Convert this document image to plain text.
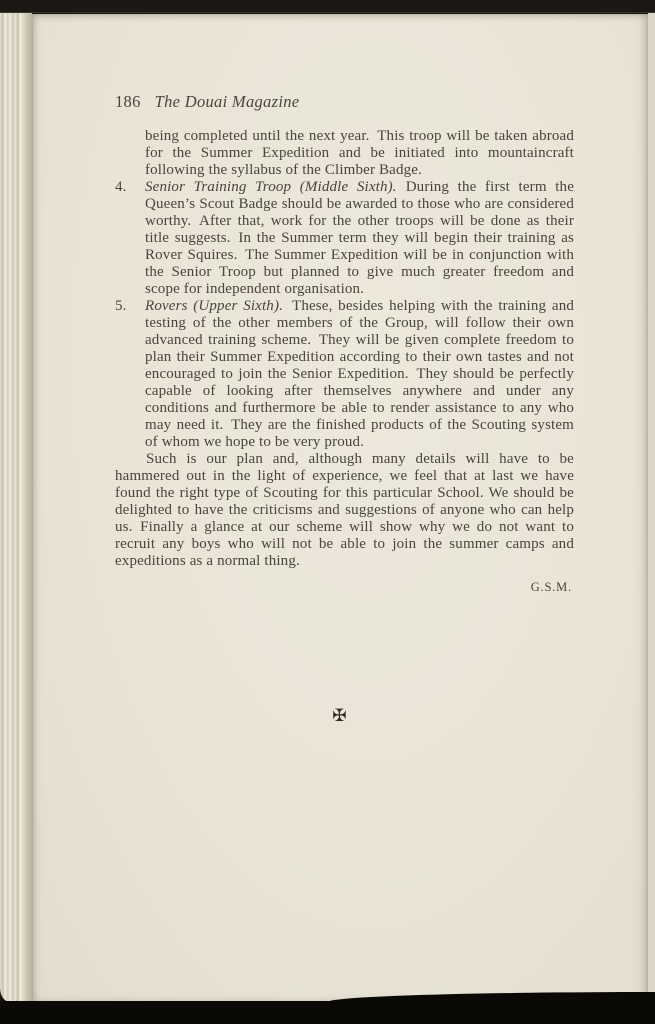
186 The Douai Magazine

being completed until the next year. This troop will be taken abroad for the Summer Expedition and be initiated into mountaincraft following the syllabus of the Climber Badge.

4.	Senior Training Troop (Middle Sixth). During the first term the Queen’s Scout Badge should be awarded to those who are considered worthy. After that, work for the other troops will be done as their title suggests. In the Summer term they will begin their training as Rover Squires. The Summer Expedition will be in conjunction with the Senior Troop but planned to give much greater freedom and scope for independent organisation.

5.	Rovers (Upper Sixth). These, besides helping with the training and testing of the other members of the Group, will follow their own advanced training scheme. They will be given complete freedom to plan their Summer Expedition according to their own tastes and not encouraged to join the Senior Expedition. They should be perfectly capable of looking after themselves anywhere and under any conditions and furthermore be able to render assistance to any who may need it. They are the finished products of the Scouting system of whom we hope to be very proud.

Such is our plan and, although many details will have to be hammered out in the light of experience, we feel that at last we have found the right type of Scouting for this particular School. We should be delighted to have the criticisms and suggestions of anyone who can help us. Finally a glance at our scheme will show why we do not want to recruit any boys who will not be able to join the summer camps and expeditions as a normal thing.

G.S.M.

✠
